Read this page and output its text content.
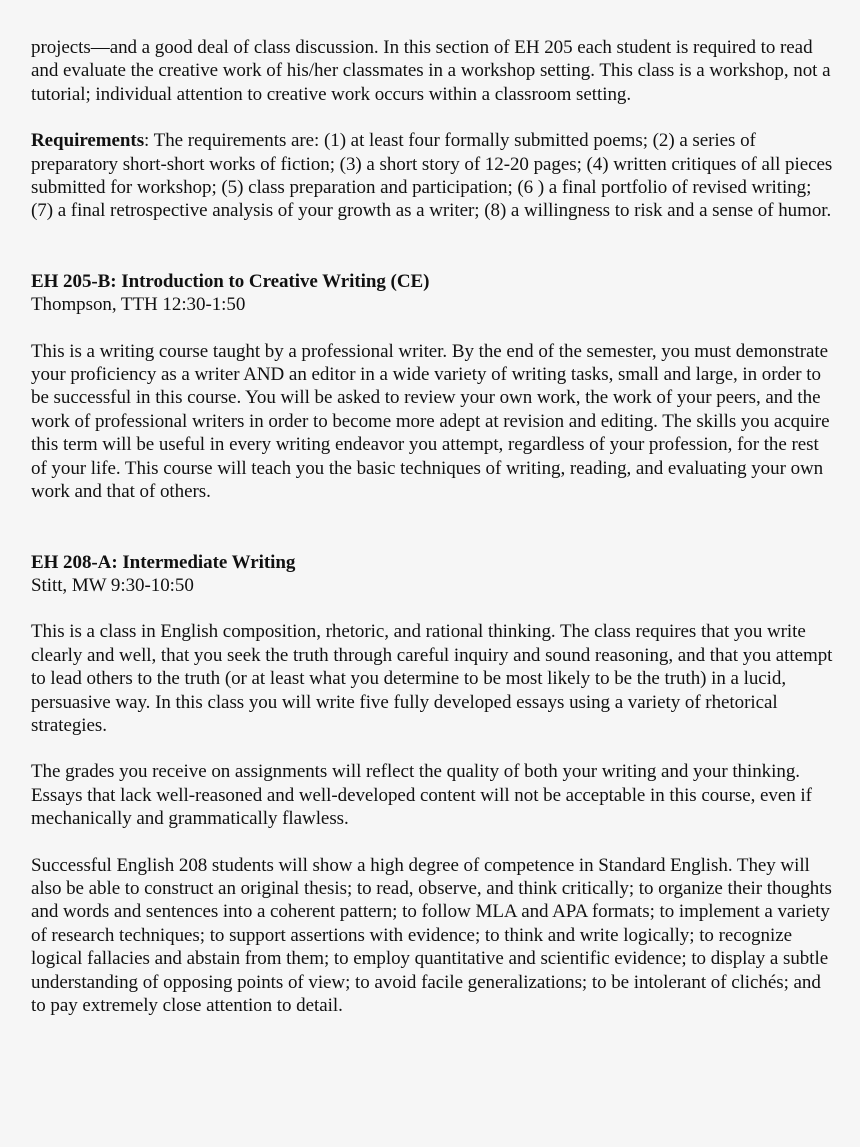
projects—and a good deal of class discussion. In this section of EH 205 each student is required to read and evaluate the creative work of his/her classmates in a workshop setting. This class is a workshop, not a tutorial; individual attention to creative work occurs within a classroom setting.

Requirements: The requirements are: (1) at least four formally submitted poems; (2) a series of preparatory short-short works of fiction; (3) a short story of 12-20 pages; (4) written critiques of all pieces submitted for workshop; (5) class preparation and participation; (6 ) a final portfolio of revised writing; (7) a final retrospective analysis of your growth as a writer; (8) a willingness to risk and a sense of humor.

EH 205-B: Introduction to Creative Writing (CE)

Thompson, TTH 12:30-1:50

This is a writing course taught by a professional writer. By the end of the semester, you must demonstrate your proficiency as a writer AND an editor in a wide variety of writing tasks, small and large, in order to be successful in this course. You will be asked to review your own work, the work of your peers, and the work of professional writers in order to become more adept at revision and editing. The skills you acquire this term will be useful in every writing endeavor you attempt, regardless of your profession, for the rest of your life. This course will teach you the basic techniques of writing, reading, and evaluating your own work and that of others.

EH 208-A: Intermediate Writing

Stitt, MW 9:30-10:50

This is a class in English composition, rhetoric, and rational thinking. The class requires that you write clearly and well, that you seek the truth through careful inquiry and sound reasoning, and that you attempt to lead others to the truth (or at least what you determine to be most likely to be the truth) in a lucid, persuasive way. In this class you will write five fully developed essays using a variety of rhetorical strategies.

The grades you receive on assignments will reflect the quality of both your writing and your thinking. Essays that lack well-reasoned and well-developed content will not be acceptable in this course, even if mechanically and grammatically flawless.

Successful English 208 students will show a high degree of competence in Standard English. They will also be able to construct an original thesis; to read, observe, and think critically; to organize their thoughts and words and sentences into a coherent pattern; to follow MLA and APA formats; to implement a variety of research techniques; to support assertions with evidence; to think and write logically; to recognize logical fallacies and abstain from them; to employ quantitative and scientific evidence; to display a subtle understanding of opposing points of view; to avoid facile generalizations; to be intolerant of clichés; and to pay extremely close attention to detail.
